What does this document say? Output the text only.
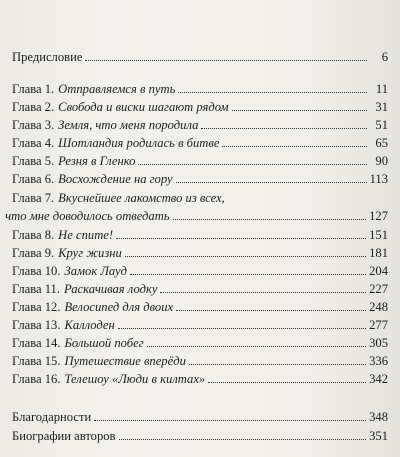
Предисловие	6
Глава 1. Отправляемся в путь	11
Глава 2. Свобода и виски шагают рядом	31
Глава 3. Земля, что меня породила	51
Глава 4. Шотландия родилась в битве	65
Глава 5. Резня в Гленко	90
Глава 6. Восхождение на гору	113
Глава 7. Вкуснейшее лакомство из всех,
что мне доводилось отведать	127
Глава 8. Не спите!	151
Глава 9. Круг жизни	181
Глава 10. Замок Лауд	204
Глава 11. Раскачивая лодку	227
Глава 12. Велосипед для двоих	248
Глава 13. Каллоден	277
Глава 14. Большой побег	305
Глава 15. Путешествие вперёди	336
Глава 16. Телешоу «Люди в килтах»	342
Благодарности	348
Биографии авторов	351
